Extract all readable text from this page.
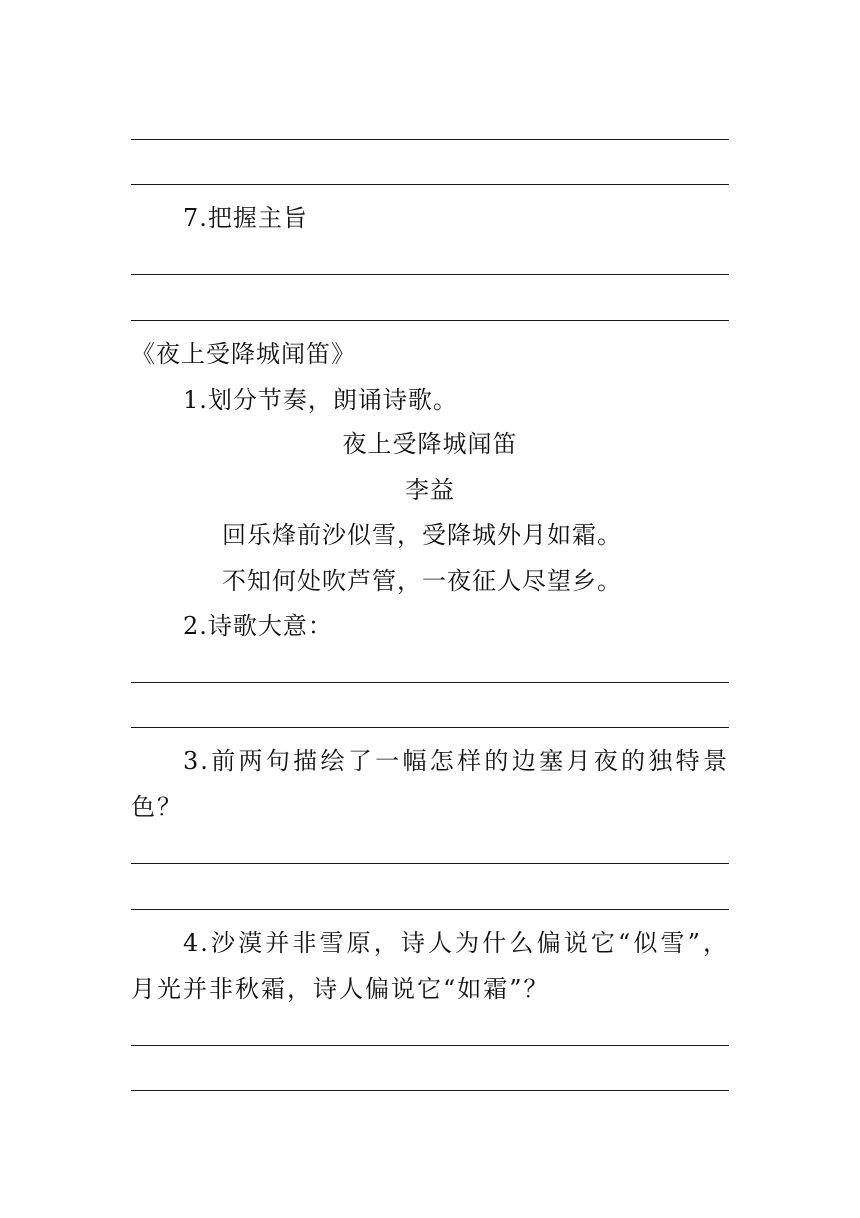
7.把握主旨
《夜上受降城闻笛》
1.划分节奏，朗诵诗歌。
夜上受降城闻笛
李益
回乐烽前沙似雪，受降城外月如霜。
不知何处吹芦管，一夜征人尽望乡。
2.诗歌大意：
3.前两句描绘了一幅怎样的边塞月夜的独特景色？
4.沙漠并非雪原，诗人为什么偏说它“似雪”，月光并非秋霜，诗人偏说它“如霜”？
